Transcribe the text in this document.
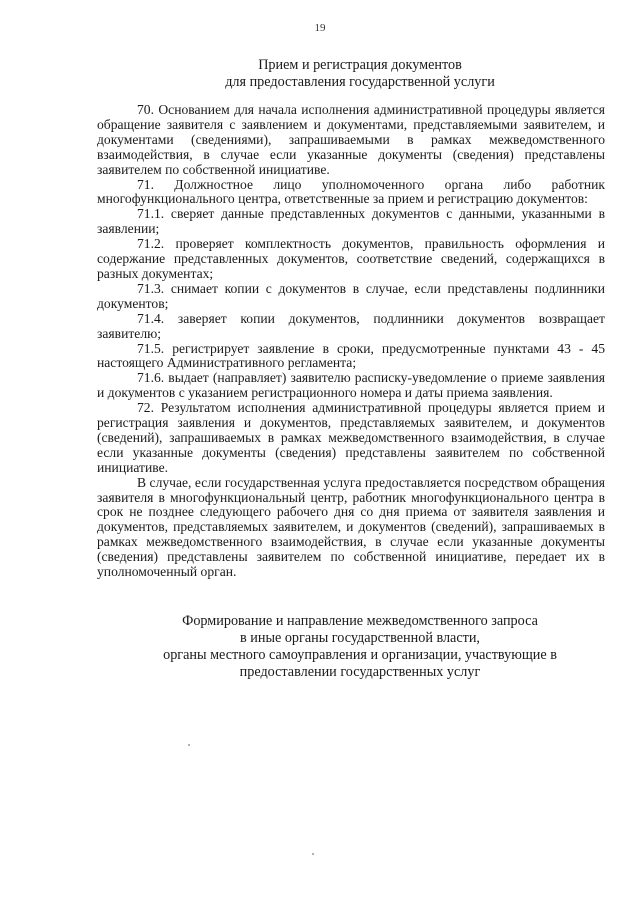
19
Прием и регистрация документов
для предоставления государственной услуги

70. Основанием для начала исполнения административной процедуры является обращение заявителя с заявлением и документами, представляемыми заявителем, и документами (сведениями), запрашиваемыми в рамках межведомственного взаимодействия, в случае если указанные документы (сведения) представлены заявителем по собственной инициативе.

71. Должностное лицо уполномоченного органа либо работник многофункционального центра, ответственные за прием и регистрацию документов:

71.1. сверяет данные представленных документов с данными, указанными в заявлении;

71.2. проверяет комплектность документов, правильность оформления и содержание представленных документов, соответствие сведений, содержащихся в разных документах;

71.3. снимает копии с документов в случае, если представлены подлинники документов;

71.4. заверяет копии документов, подлинники документов возвращает заявителю;

71.5. регистрирует заявление в сроки, предусмотренные пунктами 43 - 45 настоящего Административного регламента;

71.6. выдает (направляет) заявителю расписку-уведомление о приеме заявления и документов с указанием регистрационного номера и даты приема заявления.

72. Результатом исполнения административной процедуры является прием и регистрация заявления и документов, представляемых заявителем, и документов (сведений), запрашиваемых в рамках межведомственного взаимодействия, в случае если указанные документы (сведения) представлены заявителем по собственной инициативе.

В случае, если государственная услуга предоставляется посредством обращения заявителя в многофункциональный центр, работник многофункционального центра в срок не позднее следующего рабочего дня со дня приема от заявителя заявления и документов, представляемых заявителем, и документов (сведений), запрашиваемых в рамках межведомственного взаимодействия, в случае если указанные документы (сведения) представлены заявителем по собственной инициативе, передает их в уполномоченный орган.

Формирование и направление межведомственного запроса
в иные органы государственной власти,
органы местного самоуправления и организации, участвующие в
предоставлении государственных услуг
